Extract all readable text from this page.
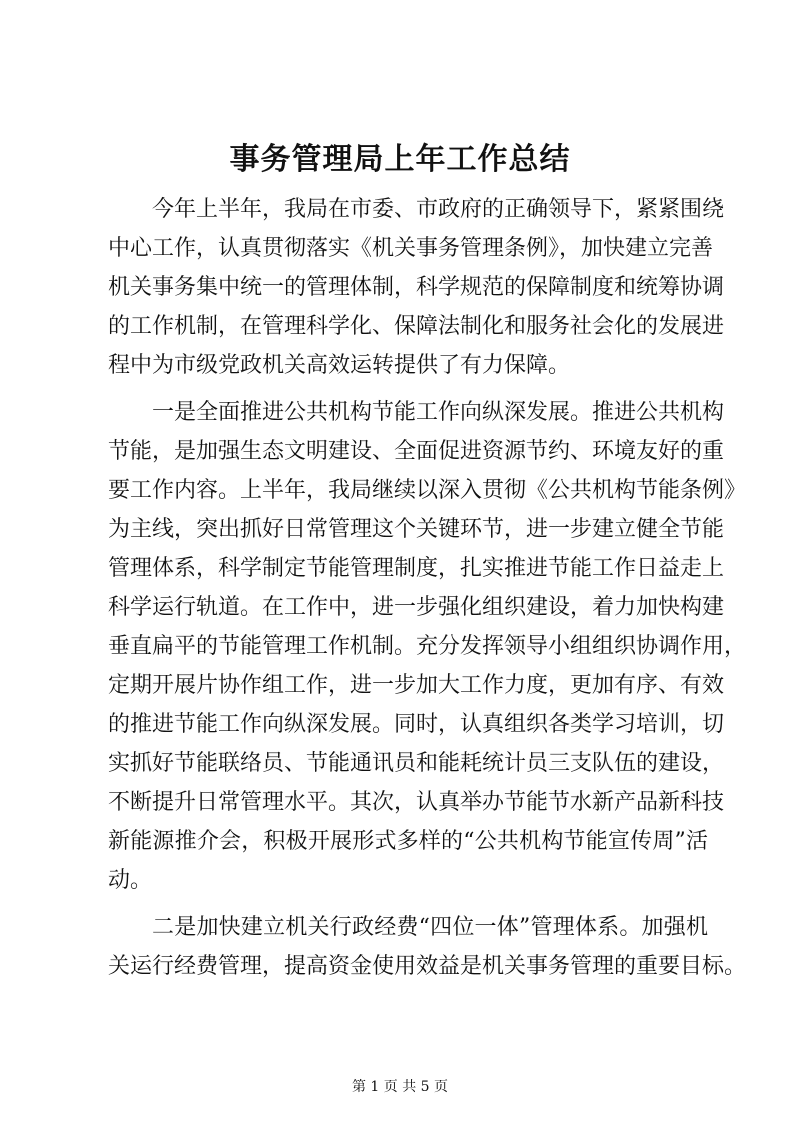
事务管理局上年工作总结
今年上半年，我局在市委、市政府的正确领导下，紧紧围绕
中心工作，认真贯彻落实《机关事务管理条例》，加快建立完善
机关事务集中统一的管理体制，科学规范的保障制度和统筹协调
的工作机制，在管理科学化、保障法制化和服务社会化的发展进
程中为市级党政机关高效运转提供了有力保障。
一是全面推进公共机构节能工作向纵深发展。推进公共机构
节能，是加强生态文明建设、全面促进资源节约、环境友好的重
要工作内容。上半年，我局继续以深入贯彻《公共机构节能条例》
为主线，突出抓好日常管理这个关键环节，进一步建立健全节能
管理体系，科学制定节能管理制度，扎实推进节能工作日益走上
科学运行轨道。在工作中，进一步强化组织建设，着力加快构建
垂直扁平的节能管理工作机制。充分发挥领导小组组织协调作用，
定期开展片协作组工作，进一步加大工作力度，更加有序、有效
的推进节能工作向纵深发展。同时，认真组织各类学习培训，切
实抓好节能联络员、节能通讯员和能耗统计员三支队伍的建设，
不断提升日常管理水平。其次，认真举办节能节水新产品新科技
新能源推介会，积极开展形式多样的“公共机构节能宣传周”活
动。
二是加快建立机关行政经费“四位一体”管理体系。加强机
关运行经费管理，提高资金使用效益是机关事务管理的重要目标。
第 1 页 共 5 页
